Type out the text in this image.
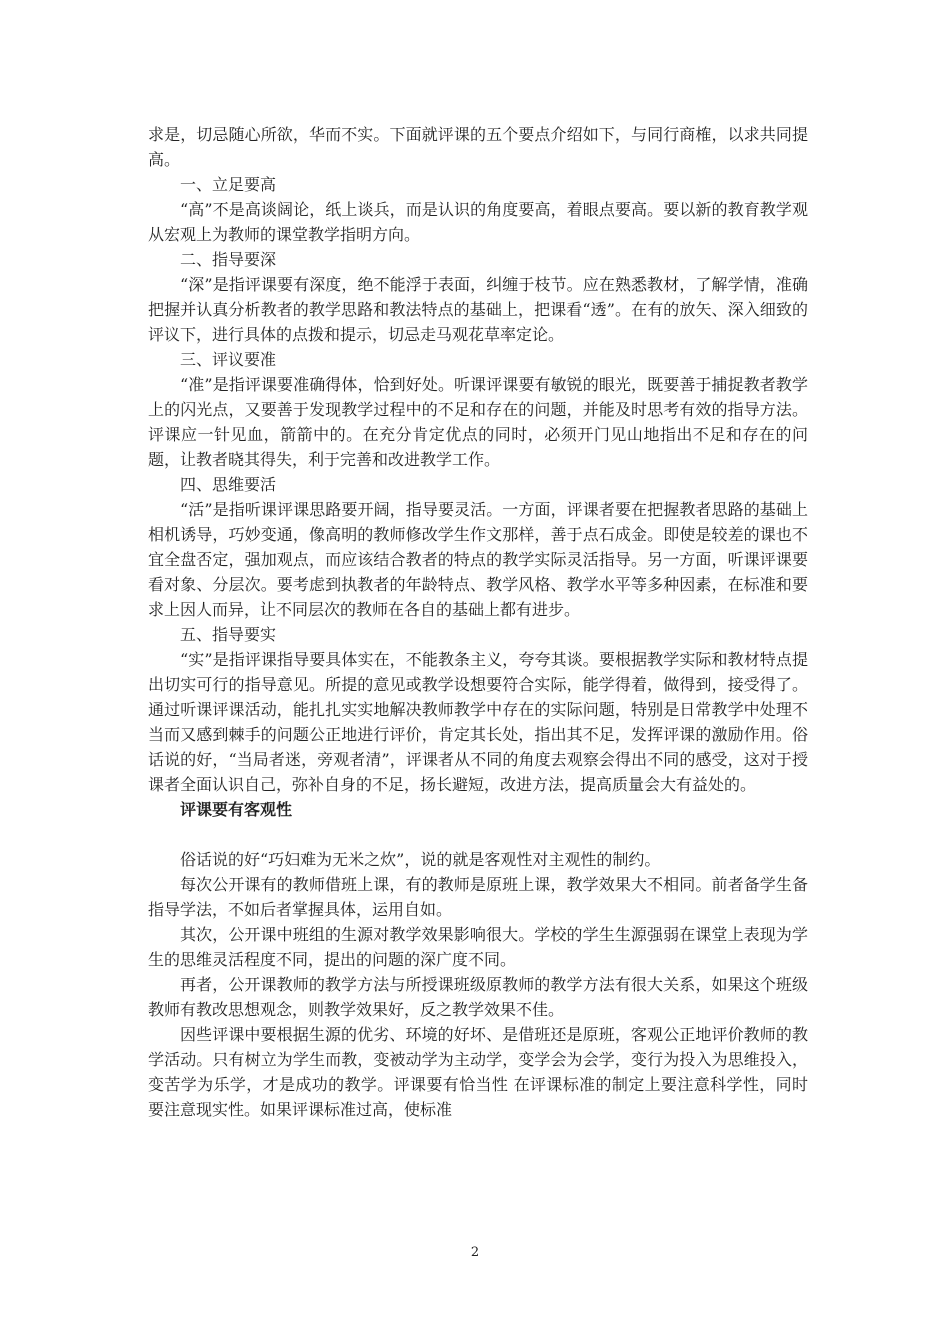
求是，切忌随心所欲，华而不实。下面就评课的五个要点介绍如下，与同行商榷，以求共同提高。

一、立足要高

“高”不是高谈阔论，纸上谈兵，而是认识的角度要高，着眼点要高。要以新的教育教学观从宏观上为教师的课堂教学指明方向。

二、指导要深

“深”是指评课要有深度，绝不能浮于表面，纠缠于枝节。应在熟悉教材，了解学情，准确把握并认真分析教者的教学思路和教法特点的基础上，把课看“透”。在有的放矢、深入细致的评议下，进行具体的点拨和提示，切忌走马观花草率定论。

三、评议要准

“准”是指评课要准确得体，恰到好处。听课评课要有敏锐的眼光，既要善于捕捉教者教学上的闪光点，又要善于发现教学过程中的不足和存在的问题，并能及时思考有效的指导方法。评课应一针见血，箭箭中的。在充分肯定优点的同时，必须开门见山地指出不足和存在的问题，让教者晓其得失，利于完善和改进教学工作。

四、思维要活

“活”是指听课评课思路要开阔，指导要灵活。一方面，评课者要在把握教者思路的基础上相机诱导，巧妙变通，像高明的教师修改学生作文那样，善于点石成金。即使是较差的课也不宜全盘否定，强加观点，而应该结合教者的特点的教学实际灵活指导。另一方面，听课评课要看对象、分层次。要考虑到执教者的年龄特点、教学风格、教学水平等多种因素，在标准和要求上因人而异，让不同层次的教师在各自的基础上都有进步。

五、指导要实

“实”是指评课指导要具体实在，不能教条主义，夸夸其谈。要根据教学实际和教材特点提出切实可行的指导意见。所提的意见或教学设想要符合实际，能学得着，做得到，接受得了。通过听课评课活动，能扎扎实实地解决教师教学中存在的实际问题，特别是日常教学中处理不当而又感到棘手的问题公正地进行评价，肯定其长处，指出其不足，发挥评课的激励作用。俗话说的好，“当局者迷，旁观者清”，评课者从不同的角度去观察会得出不同的感受，这对于授课者全面认识自己，弥补自身的不足，扬长避短，改进方法，提高质量会大有益处的。

评课要有客观性

俗话说的好“巧妇难为无米之炊”，说的就是客观性对主观性的制约。

每次公开课有的教师借班上课，有的教师是原班上课，教学效果大不相同。前者备学生备指导学法，不如后者掌握具体，运用自如。

其次，公开课中班组的生源对教学效果影响很大。学校的学生生源强弱在课堂上表现为学生的思维灵活程度不同，提出的问题的深广度不同。

再者，公开课教师的教学方法与所授课班级原教师的教学方法有很大关系，如果这个班级教师有教改思想观念，则教学效果好，反之教学效果不佳。

因些评课中要根据生源的优劣、环境的好坏、是借班还是原班，客观公正地评价教师的教学活动。只有树立为学生而教，变被动学为主动学，变学会为会学，变行为投入为思维投入，变苦学为乐学，才是成功的教学。评课要有恰当性 在评课标准的制定上要注意科学性，同时要注意现实性。如果评课标准过高，使标准

2
